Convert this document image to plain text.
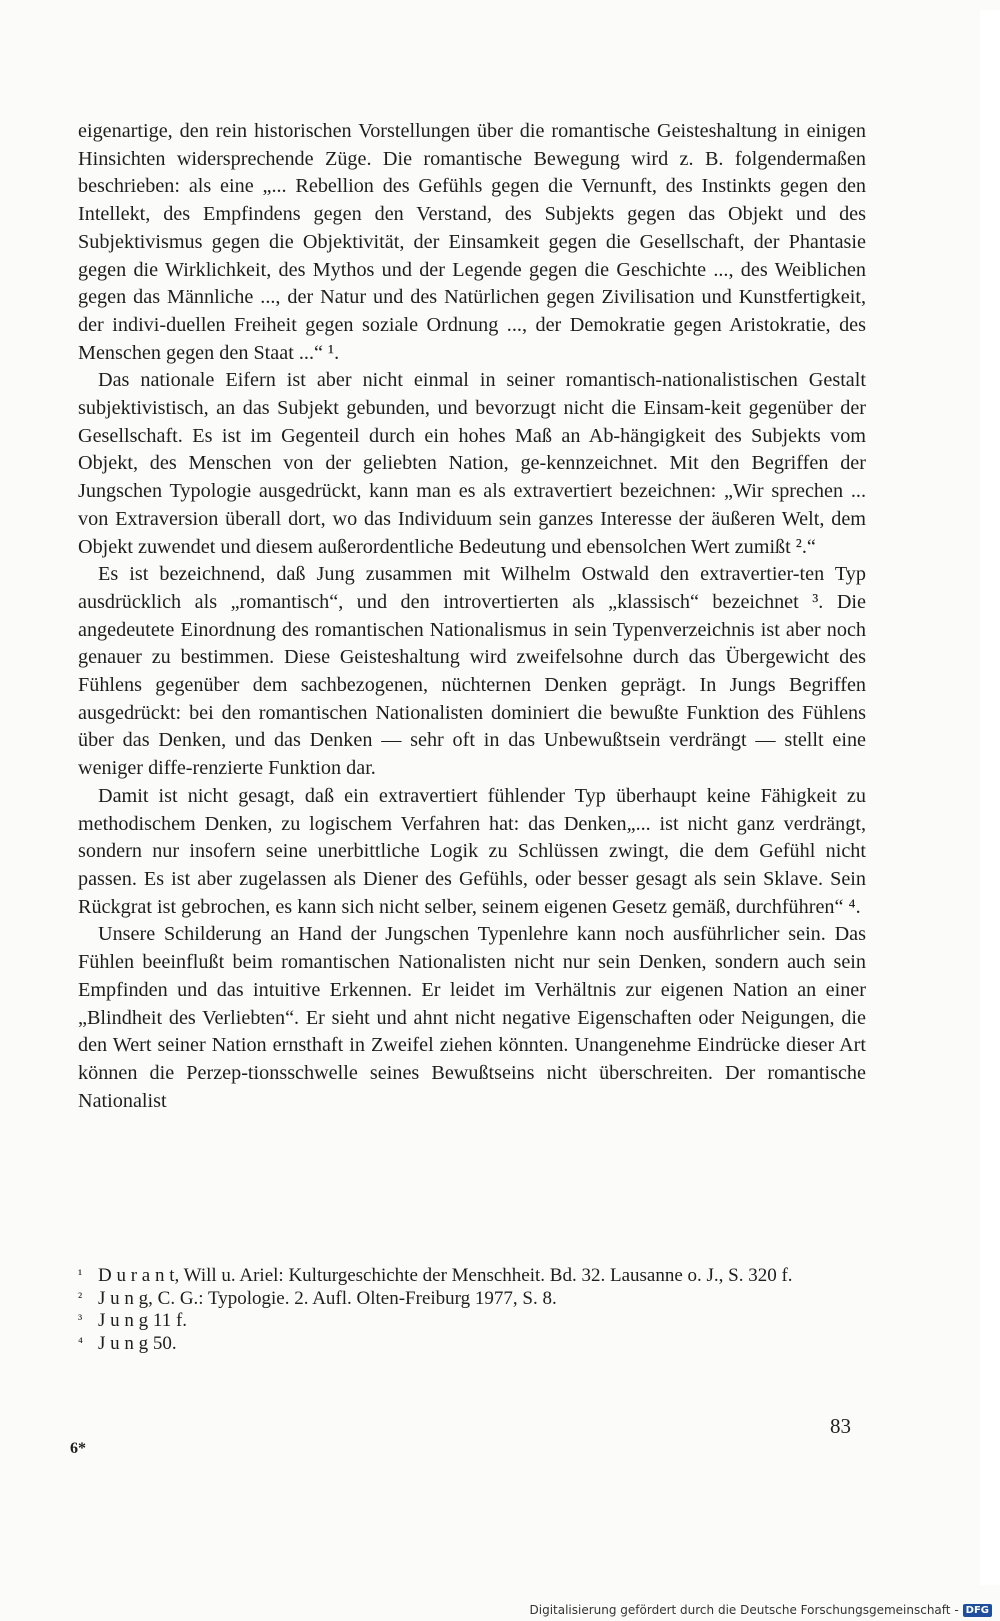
eigenartige, den rein historischen Vorstellungen über die romantische Geisteshaltung in einigen Hinsichten widersprechende Züge. Die romantische Bewegung wird z. B. folgendermaßen beschrieben: als eine „... Rebellion des Gefühls gegen die Vernunft, des Instinkts gegen den Intellekt, des Empfindens gegen den Verstand, des Subjekts gegen das Objekt und des Subjektivismus gegen die Objektivität, der Einsamkeit gegen die Gesellschaft, der Phantasie gegen die Wirklichkeit, des Mythos und der Legende gegen die Geschichte ..., des Weiblichen gegen das Männliche ..., der Natur und des Natürlichen gegen Zivilisation und Kunstfertigkeit, der indivi-duellen Freiheit gegen soziale Ordnung ..., der Demokratie gegen Aristokratie, des Menschen gegen den Staat ...“ ¹.

Das nationale Eifern ist aber nicht einmal in seiner romantisch-nationalistischen Gestalt subjektivistisch, an das Subjekt gebunden, und bevorzugt nicht die Einsam-keit gegenüber der Gesellschaft. Es ist im Gegenteil durch ein hohes Maß an Ab-hängigkeit des Subjekts vom Objekt, des Menschen von der geliebten Nation, ge-kennzeichnet. Mit den Begriffen der Jungschen Typologie ausgedrückt, kann man es als extravertiert bezeichnen: „Wir sprechen ... von Extraversion überall dort, wo das Individuum sein ganzes Interesse der äußeren Welt, dem Objekt zuwendet und diesem außerordentliche Bedeutung und ebensolchen Wert zumißt ².“

Es ist bezeichnend, daß Jung zusammen mit Wilhelm Ostwald den extravertier-ten Typ ausdrücklich als „romantisch“, und den introvertierten als „klassisch“ bezeichnet ³. Die angedeutete Einordnung des romantischen Nationalismus in sein Typenverzeichnis ist aber noch genauer zu bestimmen. Diese Geisteshaltung wird zweifelsohne durch das Übergewicht des Fühlens gegenüber dem sachbezogenen, nüchternen Denken geprägt. In Jungs Begriffen ausgedrückt: bei den romantischen Nationalisten dominiert die bewußte Funktion des Fühlens über das Denken, und das Denken — sehr oft in das Unbewußtsein verdrängt — stellt eine weniger diffe-renzierte Funktion dar.

Damit ist nicht gesagt, daß ein extravertiert fühlender Typ überhaupt keine Fähigkeit zu methodischem Denken, zu logischem Verfahren hat: das Denken„... ist nicht ganz verdrängt, sondern nur insofern seine unerbittliche Logik zu Schlüssen zwingt, die dem Gefühl nicht passen. Es ist aber zugelassen als Diener des Gefühls, oder besser gesagt als sein Sklave. Sein Rückgrat ist gebrochen, es kann sich nicht selber, seinem eigenen Gesetz gemäß, durchführen“ ⁴.

Unsere Schilderung an Hand der Jungschen Typenlehre kann noch ausführlicher sein. Das Fühlen beeinflußt beim romantischen Nationalisten nicht nur sein Denken, sondern auch sein Empfinden und das intuitive Erkennen. Er leidet im Verhältnis zur eigenen Nation an einer „Blindheit des Verliebten“. Er sieht und ahnt nicht negative Eigenschaften oder Neigungen, die den Wert seiner Nation ernsthaft in Zweifel ziehen könnten. Unangenehme Eindrücke dieser Art können die Perzep-tionsschwelle seines Bewußtseins nicht überschreiten. Der romantische Nationalist

¹ D u r a n t, Will u. Ariel: Kulturgeschichte der Menschheit. Bd. 32. Lausanne o. J., S. 320 f.
² J u n g, C. G.: Typologie. 2. Aufl. Olten-Freiburg 1977, S. 8.
³ J u n g 11 f.
⁴ J u n g 50.
83
6*
Digitalisierung gefördert durch die Deutsche Forschungsgemeinschaft - DFG
